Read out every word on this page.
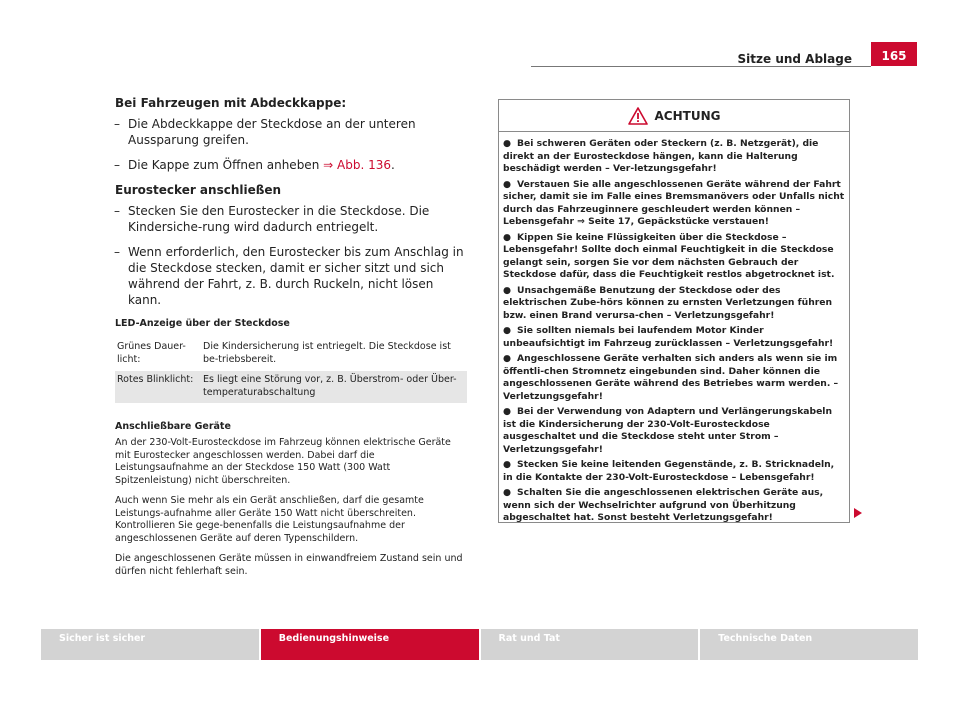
Sitze und Ablage	165

Bei Fahrzeugen mit Abdeckkappe:

– Die Abdeckkappe der Steckdose an der unteren Aussparung greifen.
– Die Kappe zum Öffnen anheben ⇒ Abb. 136.

Eurostecker anschließen

– Stecken Sie den Eurostecker in die Steckdose. Die Kindersiche-rung wird dadurch entriegelt.
– Wenn erforderlich, den Eurostecker bis zum Anschlag in die Steckdose stecken, damit er sicher sitzt und sich während der Fahrt, z. B. durch Ruckeln, nicht lösen kann.

LED-Anzeige über der Steckdose

Grünes Dauer-licht:	Die Kindersicherung ist entriegelt. Die Steckdose ist be-triebsbereit.
Rotes Blinklicht:	Es liegt eine Störung vor, z. B. Überstrom- oder Über-temperaturabschaltung

Anschließbare Geräte

An der 230-Volt-Eurosteckdose im Fahrzeug können elektrische Geräte mit Eurostecker angeschlossen werden. Dabei darf die Leistungsaufnahme an der Steckdose 150 Watt (300 Watt Spitzenleistung) nicht überschreiten.

Auch wenn Sie mehr als ein Gerät anschließen, darf die gesamte Leistungs-aufnahme aller Geräte 150 Watt nicht überschreiten. Kontrollieren Sie gege-benenfalls die Leistungsaufnahme der angeschlossenen Geräte auf deren Typenschildern.

Die angeschlossenen Geräte müssen in einwandfreiem Zustand sein und dürfen nicht fehlerhaft sein.

ACHTUNG

● Bei schweren Geräten oder Steckern (z. B. Netzgerät), die direkt an der Eurosteckdose hängen, kann die Halterung beschädigt werden – Ver-letzungsgefahr!

● Verstauen Sie alle angeschlossenen Geräte während der Fahrt sicher, damit sie im Falle eines Bremsmanövers oder Unfalls nicht durch das Fahrzeuginnere geschleudert werden können – Lebensgefahr ⇒ Seite 17, Gepäckstücke verstauen!

● Kippen Sie keine Flüssigkeiten über die Steckdose – Lebensgefahr! Sollte doch einmal Feuchtigkeit in die Steckdose gelangt sein, sorgen Sie vor dem nächsten Gebrauch der Steckdose dafür, dass die Feuchtigkeit restlos abgetrocknet ist.

● Unsachgemäße Benutzung der Steckdose oder des elektrischen Zube-hörs können zu ernsten Verletzungen führen bzw. einen Brand verursa-chen – Verletzungsgefahr!

● Sie sollten niemals bei laufendem Motor Kinder unbeaufsichtigt im Fahrzeug zurücklassen – Verletzungsgefahr!

● Angeschlossene Geräte verhalten sich anders als wenn sie im öffentli-chen Stromnetz eingebunden sind. Daher können die angeschlossenen Geräte während des Betriebes warm werden. – Verletzungsgefahr!

● Bei der Verwendung von Adaptern und Verlängerungskabeln ist die Kindersicherung der 230-Volt-Eurosteckdose ausgeschaltet und die Steckdose steht unter Strom – Verletzungsgefahr!

● Stecken Sie keine leitenden Gegenstände, z. B. Stricknadeln, in die Kontakte der 230-Volt-Eurosteckdose – Lebensgefahr!

● Schalten Sie die angeschlossenen elektrischen Geräte aus, wenn sich der Wechselrichter aufgrund von Überhitzung abgeschaltet hat. Sonst besteht Verletzungsgefahr!

Sicher ist sicher	Bedienungshinweise	Rat und Tat	Technische Daten
